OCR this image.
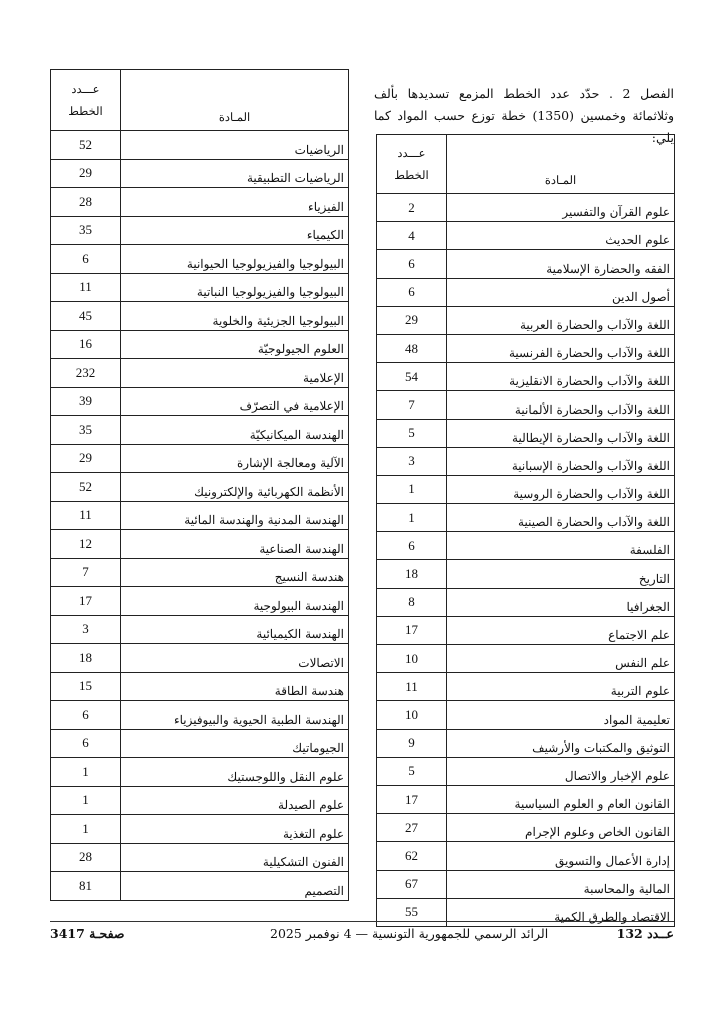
الفصل 2 . حدّد عدد الخطط المزمع تسديدها بألف وثلاثمائة وخمسين (1350) خطة توزع حسب المواد كما يلي:

المـادة	عـــدد
الخطط

علوم القرآن والتفسير	2
علوم الحديث	4
الفقه والحضارة الإسلامية	6
أصول الدين	6
اللغة والآداب والحضارة العربية	29
اللغة والآداب والحضارة الفرنسية	48
اللغة والآداب والحضارة الانقليزية	54
اللغة والآداب والحضارة الألمانية	7
اللغة والآداب والحضارة الإيطالية	5
اللغة والآداب والحضارة الإسبانية	3
اللغة والآداب والحضارة الروسية	1
اللغة والآداب والحضارة الصينية	1
الفلسفة	6
التاريخ	18
الجغرافيا	8
علم الاجتماع	17
علم النفس	10
علوم التربية	11
تعليمية المواد	10
التوثيق والمكتبات والأرشيف	9
علوم الإخبار والاتصال	5
القانون العام و العلوم السياسية	17
القانون الخاص وعلوم الإجرام	27
إدارة الأعمال والتسويق	62
المالية والمحاسبة	67
الاقتصاد والطرق الكمية	55
المـادة	عـــدد
الخطط

الرياضيات	52
الرياضيات التطبيقية	29
الفيزياء	28
الكيمياء	35
البيولوجيا والفيزيولوجيا الحيوانية	6
البيولوجيا والفيزيولوجيا النباتية	11
البيولوجيا الجزيئية والخلوية	45
العلوم الجيولوجيّة	16
الإعلامية	232
الإعلامية في التصرّف	39
الهندسة الميكانيكيّة	35
الآلية ومعالجة الإشارة	29
الأنظمة الكهربائية والإلكترونيك	52
الهندسة المدنية والهندسة المائية	11
الهندسة الصناعية	12
هندسة النسيج	7
الهندسة البيولوجية	17
الهندسة الكيميائية	3
الاتصالات	18
هندسة الطاقة	15
الهندسة الطبية الحيوية والبيوفيزياء	6
الجيوماتيك	6
علوم النقل واللوجستيك	1
علوم الصيدلة	1
علوم التغذية	1
الفنون التشكيلية	28
التصميم	81
صفحـة 3417	الرائد الرسمي للجمهورية التونسية — 4 نوفمبر 2025	عــدد 132
